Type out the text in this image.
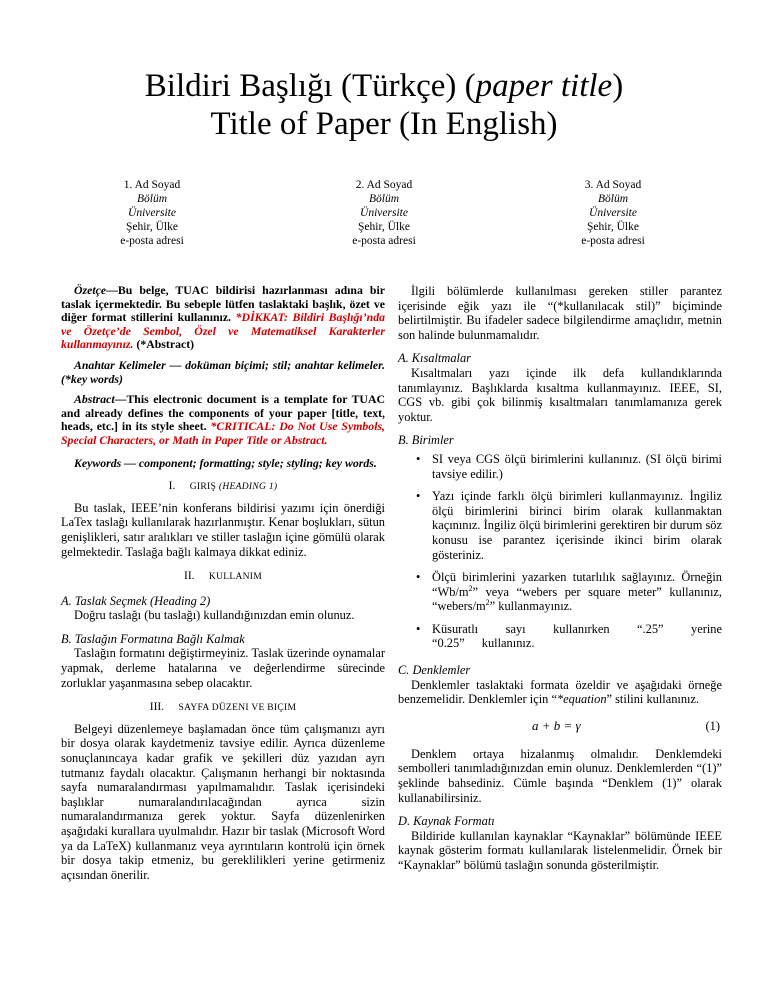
Bildiri Başlığı (Türkçe) (paper title)
Title of Paper (In English)
1. Ad Soyad
Bölüm
Üniversite
Şehir, Ülke
e-posta adresi
2. Ad Soyad
Bölüm
Üniversite
Şehir, Ülke
e-posta adresi
3. Ad Soyad
Bölüm
Üniversite
Şehir, Ülke
e-posta adresi

Özetçe—Bu belge, TUAC bildirisi hazırlanması adına bir taslak içermektedir. Bu sebeple lütfen taslaktaki başlık, özet ve diğer format stillerini kullanınız. *DİKKAT: Bildiri Başlığı’nda ve Özetçe’de Sembol, Özel ve Matematiksel Karakterler kullanmayınız. (*Abstract)

Anahtar Kelimeler — doküman biçimi; stil; anahtar kelimeler. (*key words)

Abstract—This electronic document is a template for TUAC and already defines the components of your paper [title, text, heads, etc.] in its style sheet. *CRITICAL: Do Not Use Symbols, Special Characters, or Math in Paper Title or Abstract.

Keywords — component; formatting; style; styling; key words.

I. GIRIŞ (HEADING 1)

Bu taslak, IEEE’nin konferans bildirisi yazımı için önerdiği LaTex taslağı kullanılarak hazırlanmıştır. Kenar boşlukları, sütun genişlikleri, satır aralıkları ve stiller taslağın içine gömülü olarak gelmektedir. Taslağa bağlı kalmaya dikkat ediniz.

II. KULLANIM

A. Taslak Seçmek (Heading 2)

Doğru taslağı (bu taslağı) kullandığınızdan emin olunuz.

B. Taslağın Formatına Bağlı Kalmak

Taslağın formatını değiştirmeyiniz. Taslak üzerinde oynamalar yapmak, derleme hatalarına ve değerlendirme sürecinde zorluklar yaşanmasına sebep olacaktır.

III. SAYFA DÜZENI VE BIÇIM

Belgeyi düzenlemeye başlamadan önce tüm çalışmanızı ayrı bir dosya olarak kaydetmeniz tavsiye edilir. Ayrıca düzenleme sonuçlanıncaya kadar grafik ve şekilleri düz yazıdan ayrı tutmanız faydalı olacaktır. Çalışmanın herhangi bir noktasında sayfa numaralandırması yapılmamalıdır. Taslak içerisindeki başlıklar numaralandırılacağından ayrıca sizin numaralandırmanıza gerek yoktur. Sayfa düzenlenirken aşağıdaki kurallara uyulmalıdır. Hazır bir taslak (Microsoft Word ya da LaTeX) kullanmanız veya ayrıntıların kontrolü için örnek bir dosya takip etmeniz, bu gereklilikleri yerine getirmeniz açısından önerilir.

İlgili bölümlerde kullanılması gereken stiller parantez içerisinde eğik yazı ile “(*kullanılacak stil)” biçiminde belirtilmiştir. Bu ifadeler sadece bilgilendirme amaçlıdır, metnin son halinde bulunmamalıdır.

A. Kısaltmalar

Kısaltmaları yazı içinde ilk defa kullandıklarında tanımlayınız. Başlıklarda kısaltma kullanmayınız. IEEE, SI, CGS vb. gibi çok bilinmiş kısaltmaları tanımlamanıza gerek yoktur.

B. Birimler

• SI veya CGS ölçü birimlerini kullanınız. (SI ölçü birimi tavsiye edilir.)
• Yazı içinde farklı ölçü birimleri kullanmayınız. İngiliz ölçü birimlerini birinci birim olarak kullanmaktan kaçınınız. İngiliz ölçü birimlerini gerektiren bir durum söz konusu ise parantez içerisinde ikinci birim olarak gösteriniz.
• Ölçü birimlerini yazarken tutarlılık sağlayınız. Örneğin “$Wb/m^2$” veya “webers per square meter” kullanınız, “$webers/m^2$” kullanmayınız.
• Küsuratlı sayı kullanırken “.25” yerine “0.25” kullanınız.

C. Denklemler

Denklemler taslaktaki formata özeldir ve aşağıdaki örneğe benzemelidir. Denklemler için “*equation” stilini kullanınız.

a + b = γ	(1)

Denklem ortaya hizalanmış olmalıdır. Denklemdeki sembolleri tanımladığınızdan emin olunuz. Denklemlerden “(1)” şeklinde bahsediniz. Cümle başında “Denklem (1)” olarak kullanabilirsiniz.

D. Kaynak Formatı

Bildiride kullanılan kaynaklar “Kaynaklar” bölümünde IEEE kaynak gösterim formatı kullanılarak listelenmelidir. Örnek bir “Kaynaklar” bölümü taslağın sonunda gösterilmiştir.
